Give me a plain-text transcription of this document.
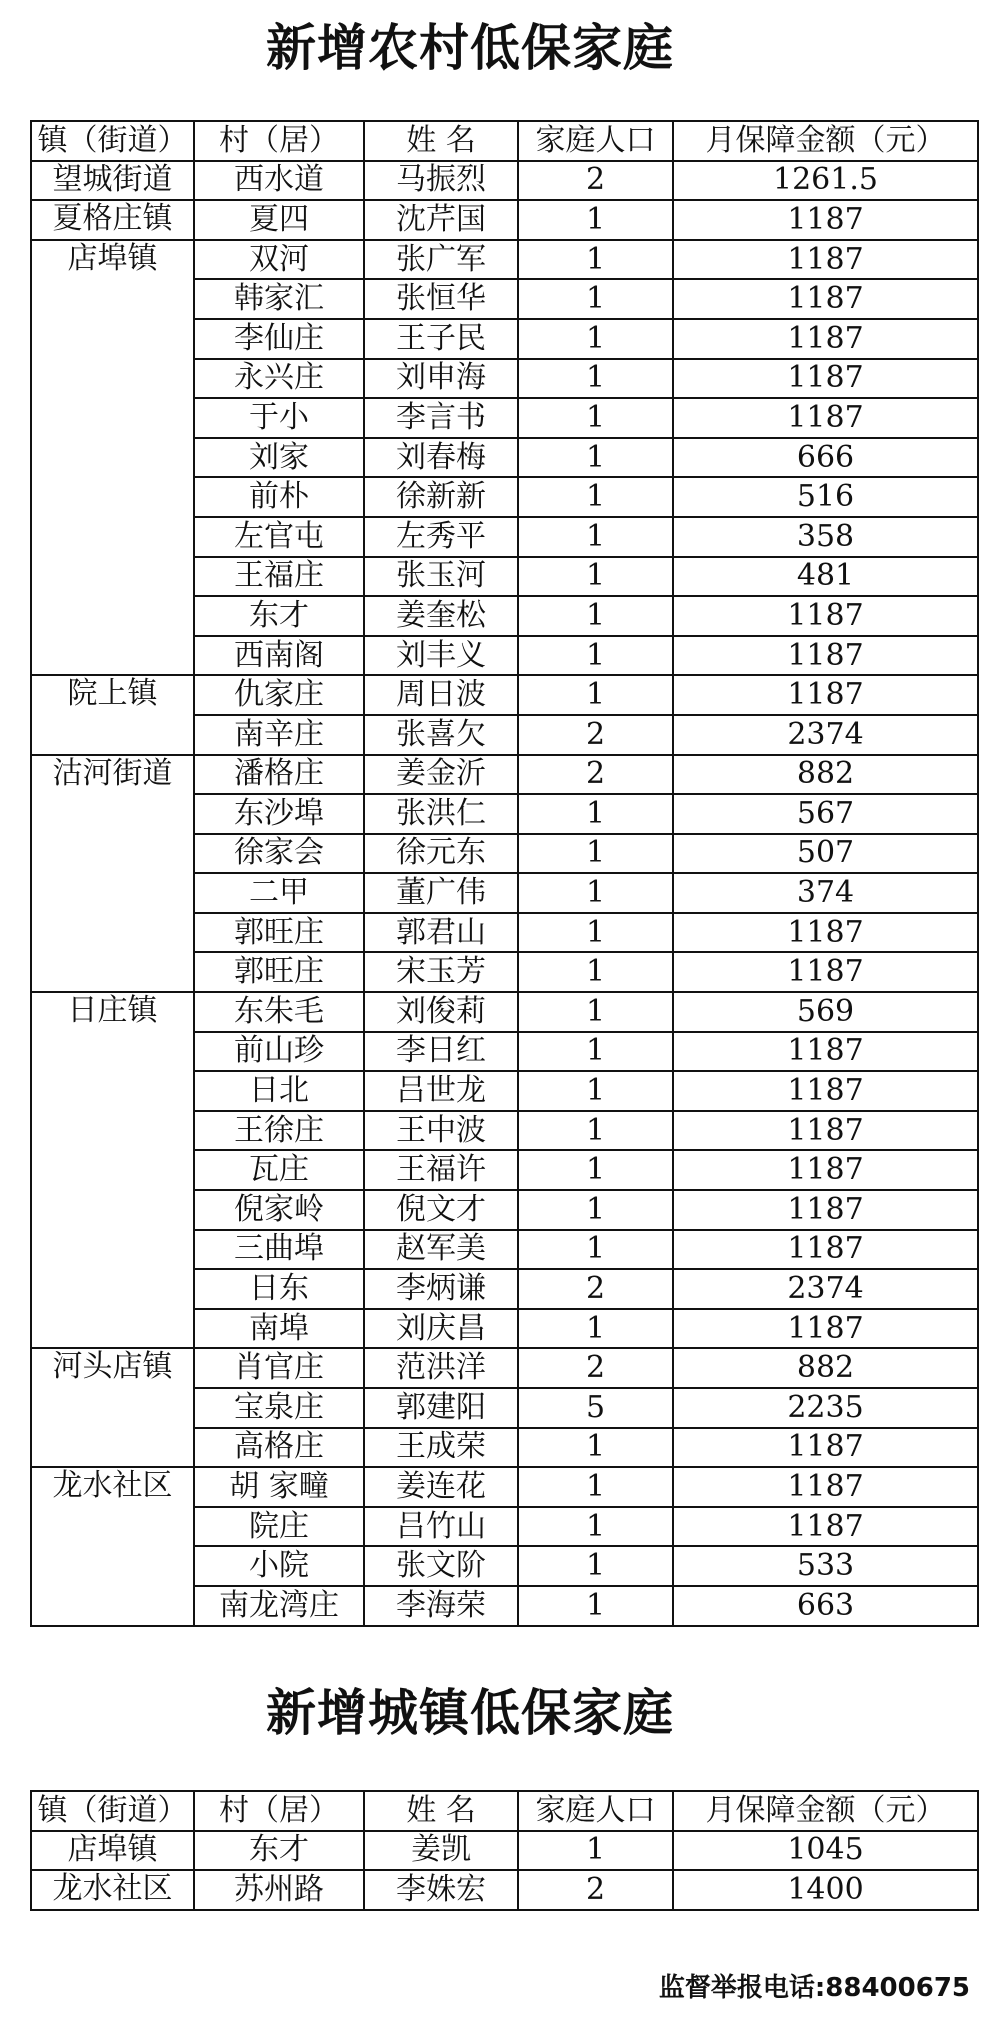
新增农村低保家庭
镇（街道）	村（居）	姓 名	家庭人口	月保障金额（元）
望城街道	西水道	马振烈	2	1261.5
夏格庄镇	夏四	沈芹国	1	1187
店埠镇	双河	张广军	1	1187
	韩家汇	张恒华	1	1187
	李仙庄	王子民	1	1187
	永兴庄	刘申海	1	1187
	于小	李言书	1	1187
	刘家	刘春梅	1	666
	前朴	徐新新	1	516
	左官屯	左秀平	1	358
	王福庄	张玉河	1	481
	东才	姜奎松	1	1187
	西南阁	刘丰义	1	1187
院上镇	仇家庄	周日波	1	1187
	南辛庄	张喜欠	2	2374
沽河街道	潘格庄	姜金沂	2	882
	东沙埠	张洪仁	1	567
	徐家会	徐元东	1	507
	二甲	董广伟	1	374
	郭旺庄	郭君山	1	1187
	郭旺庄	宋玉芳	1	1187
日庄镇	东朱毛	刘俊莉	1	569
	前山珍	李日红	1	1187
	日北	吕世龙	1	1187
	王徐庄	王中波	1	1187
	瓦庄	王福许	1	1187
	倪家岭	倪文才	1	1187
	三曲埠	赵军美	1	1187
	日东	李炳谦	2	2374
	南埠	刘庆昌	1	1187
河头店镇	肖官庄	范洪洋	2	882
	宝泉庄	郭建阳	5	2235
	高格庄	王成荣	1	1187
龙水社区	胡 家疃	姜连花	1	1187
	院庄	吕竹山	1	1187
	小院	张文阶	1	533
	南龙湾庄	李海荣	1	663
新增城镇低保家庭
镇（街道）	村（居）	姓 名	家庭人口	月保障金额（元）
店埠镇	东才	姜凯	1	1045
龙水社区	苏州路	李姝宏	2	1400
监督举报电话:88400675
